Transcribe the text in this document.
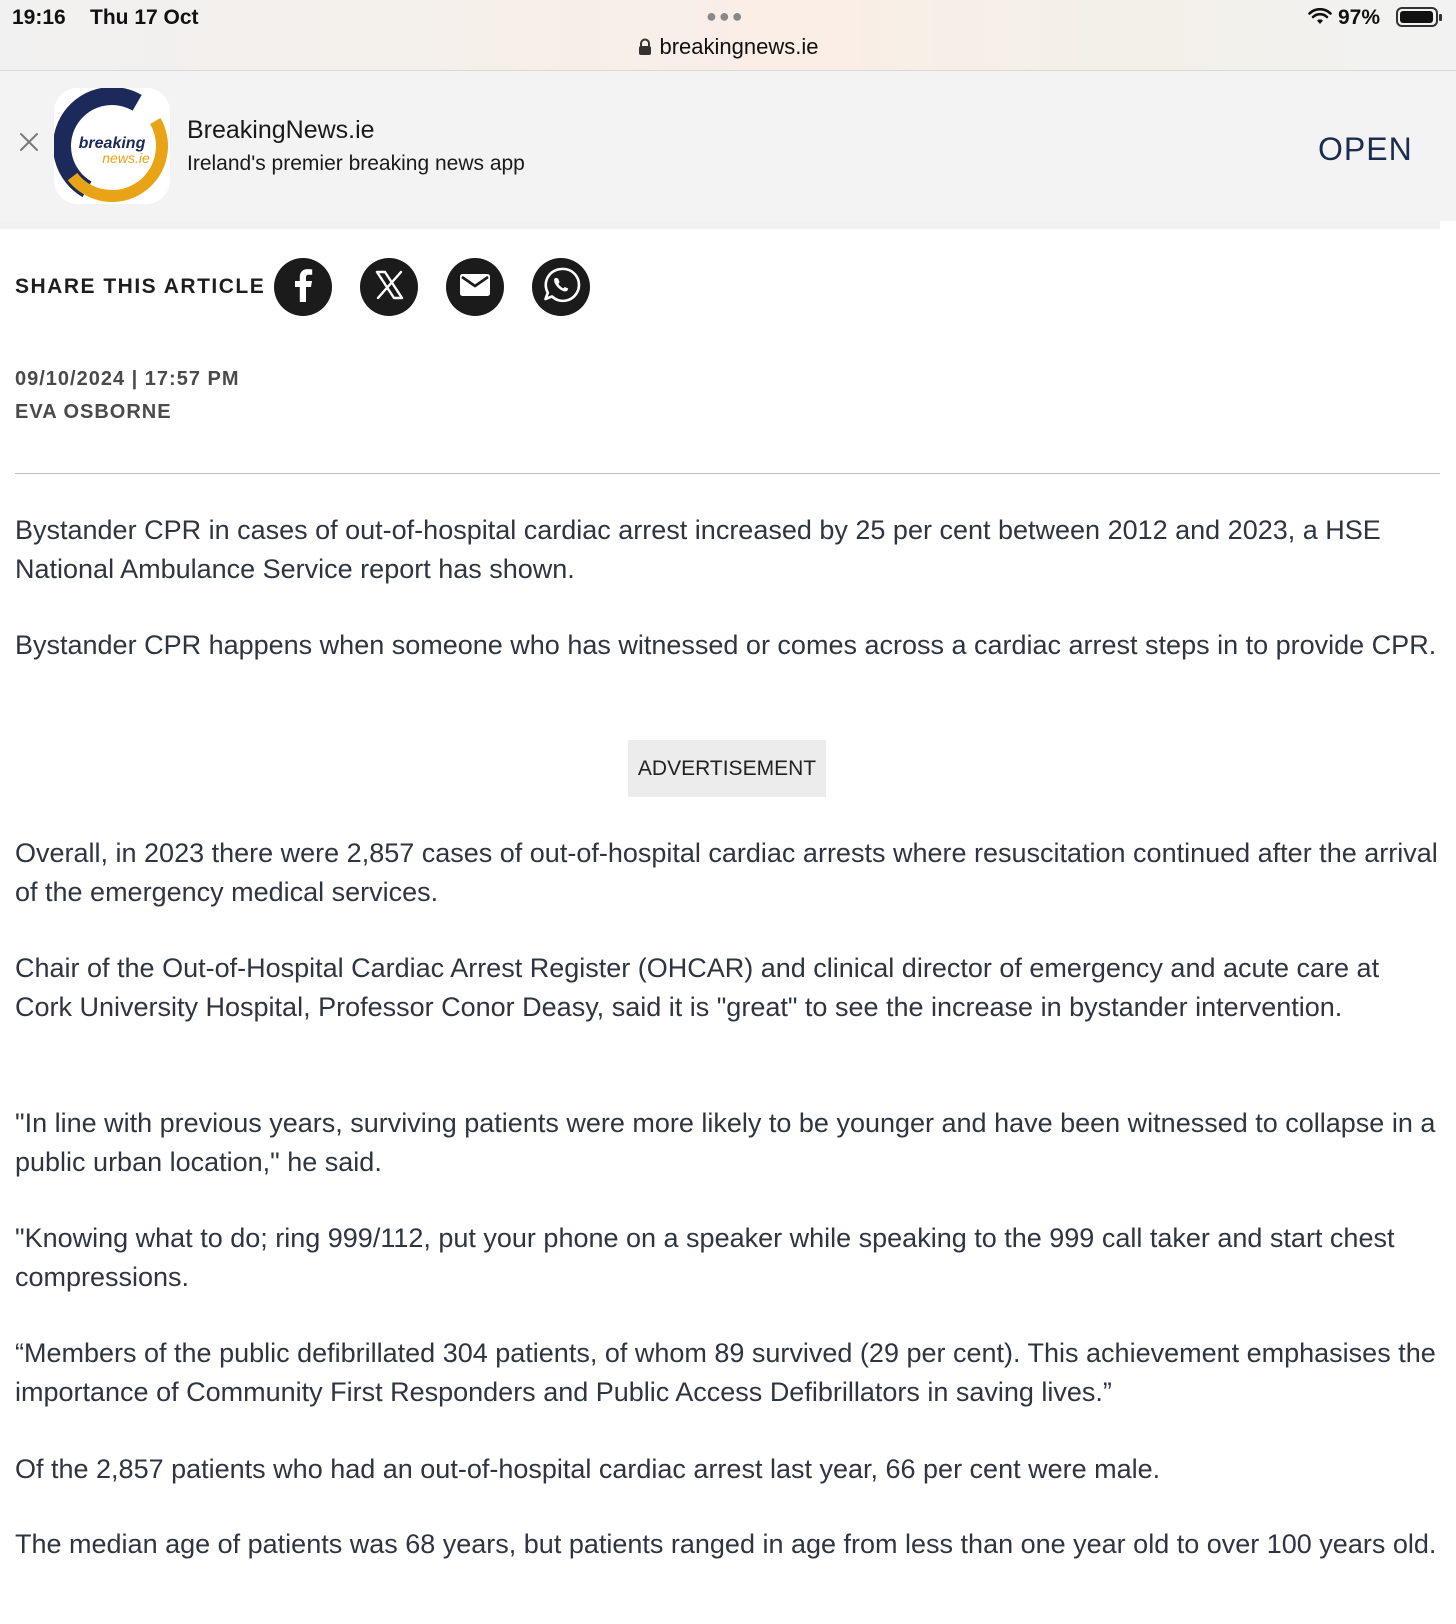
19:16 Thu 17 Oct	●●●	97%
breakingnews.ie
breaking
news.ie
BreakingNews.ie
Ireland's premier breaking news app	OPEN
SHARE THIS ARTICLE
09/10/2024 | 17:57 PM
EVA OSBORNE

Bystander CPR in cases of out-of-hospital cardiac arrest increased by 25 per cent between 2012 and 2023, a HSE National Ambulance Service report has shown.

Bystander CPR happens when someone who has witnessed or comes across a cardiac arrest steps in to provide CPR.

ADVERTISEMENT

Overall, in 2023 there were 2,857 cases of out-of-hospital cardiac arrests where resuscitation continued after the arrival of the emergency medical services.

Chair of the Out-of-Hospital Cardiac Arrest Register (OHCAR) and clinical director of emergency and acute care at Cork University Hospital, Professor Conor Deasy, said it is "great" to see the increase in bystander intervention.

"In line with previous years, surviving patients were more likely to be younger and have been witnessed to collapse in a public urban location," he said.

"Knowing what to do; ring 999/112, put your phone on a speaker while speaking to the 999 call taker and start chest compressions.

“Members of the public defibrillated 304 patients, of whom 89 survived (29 per cent). This achievement emphasises the importance of Community First Responders and Public Access Defibrillators in saving lives.”

Of the 2,857 patients who had an out-of-hospital cardiac arrest last year, 66 per cent were male.

The median age of patients was 68 years, but patients ranged in age from less than one year old to over 100 years old.
